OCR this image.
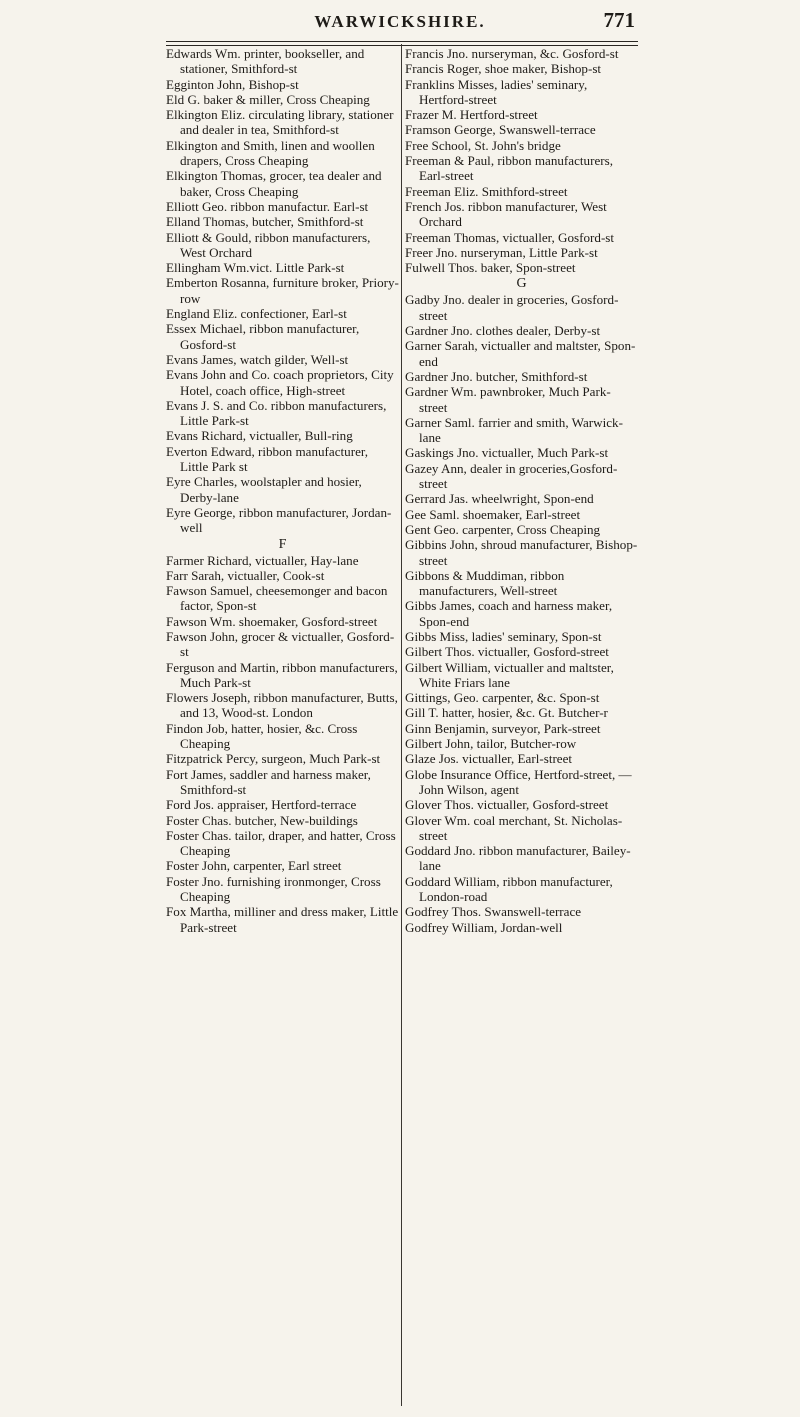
WARWICKSHIRE.	771
Edwards Wm. printer, bookseller, and stationer, Smithford-st
Egginton John, Bishop-st
Eld G. baker & miller, Cross Cheaping
Elkington Eliz. circulating library, stationer and dealer in tea, Smithford-st
Elkington and Smith, linen and woollen drapers, Cross Cheaping
Elkington Thomas, grocer, tea dealer and baker, Cross Cheaping
Elliott Geo. ribbon manufactur. Earl-st
Elland Thomas, butcher, Smithford-st
Elliott & Gould, ribbon manufacturers, West Orchard
Ellingham Wm.vict. Little Park-st
Emberton Rosanna, furniture broker, Priory-row
England Eliz. confectioner, Earl-st
Essex Michael, ribbon manufacturer, Gosford-st
Evans James, watch gilder, Well-st
Evans John and Co. coach proprietors, City Hotel, coach office, High-street
Evans J. S. and Co. ribbon manufacturers, Little Park-st
Evans Richard, victualler, Bull-ring
Everton Edward, ribbon manufacturer, Little Park st
Eyre Charles, woolstapler and hosier, Derby-lane
Eyre George, ribbon manufacturer, Jordan-well
F
Farmer Richard, victualler, Hay-lane
Farr Sarah, victualler, Cook-st
Fawson Samuel, cheesemonger and bacon factor, Spon-st
Fawson Wm. shoemaker, Gosford-street
Fawson John, grocer & victualler, Gosford-st
Ferguson and Martin, ribbon manufacturers, Much Park-st
Flowers Joseph, ribbon manufacturer, Butts, and 13, Wood-st. London
Findon Job, hatter, hosier, &c. Cross Cheaping
Fitzpatrick Percy, surgeon, Much Park-st
Fort James, saddler and harness maker, Smithford-st
Ford Jos. appraiser, Hertford-terrace
Foster Chas. butcher, New-buildings
Foster Chas. tailor, draper, and hatter, Cross Cheaping
Foster John, carpenter, Earl street
Foster Jno. furnishing ironmonger, Cross Cheaping
Fox Martha, milliner and dress maker, Little Park-street
Francis Jno. nurseryman, &c. Gosford-st
Francis Roger, shoe maker, Bishop-st
Franklins Misses, ladies' seminary, Hertford-street
Frazer M. Hertford-street
Framson George, Swanswell-terrace
Free School, St. John's bridge
Freeman & Paul, ribbon manufacturers, Earl-street
Freeman Eliz. Smithford-street
French Jos. ribbon manufacturer, West Orchard
Freeman Thomas, victualler, Gosford-st
Freer Jno. nurseryman, Little Park-st
Fulwell Thos. baker, Spon-street
G
Gadby Jno. dealer in groceries, Gosford-street
Gardner Jno. clothes dealer, Derby-st
Garner Sarah, victualler and maltster, Spon-end
Gardner Jno. butcher, Smithford-st
Gardner Wm. pawnbroker, Much Park-street
Garner Saml. farrier and smith, Warwick-lane
Gaskings Jno. victualler, Much Park-st
Gazey Ann, dealer in groceries,Gosford-street
Gerrard Jas. wheelwright, Spon-end
Gee Saml. shoemaker, Earl-street
Gent Geo. carpenter, Cross Cheaping
Gibbins John, shroud manufacturer, Bishop-street
Gibbons & Muddiman, ribbon manufacturers, Well-street
Gibbs James, coach and harness maker, Spon-end
Gibbs Miss, ladies' seminary, Spon-st
Gilbert Thos. victualler, Gosford-street
Gilbert William, victualler and maltster, White Friars lane
Gittings, Geo. carpenter, &c. Spon-st
Gill T. hatter, hosier, &c. Gt. Butcher-r
Ginn Benjamin, surveyor, Park-street
Gilbert John, tailor, Butcher-row
Glaze Jos. victualler, Earl-street
Globe Insurance Office, Hertford-street, —John Wilson, agent
Glover Thos. victualler, Gosford-street
Glover Wm. coal merchant, St. Nicholas-street
Goddard Jno. ribbon manufacturer, Bailey-lane
Goddard William, ribbon manufacturer, London-road
Godfrey Thos. Swanswell-terrace
Godfrey William, Jordan-well
